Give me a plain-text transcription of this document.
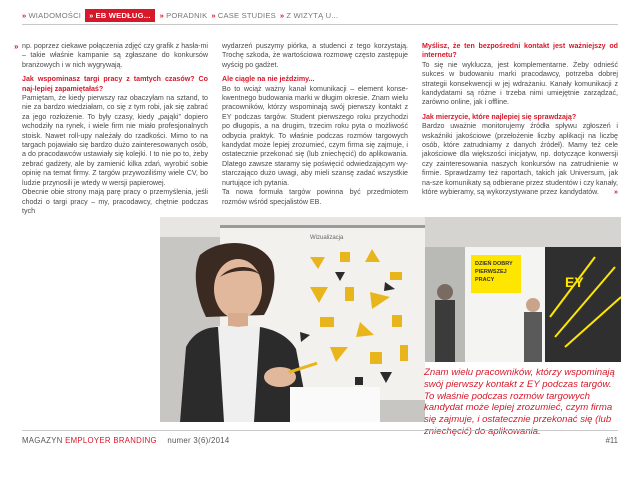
» WIADOMOŚCI » EB WEDŁUG... » PORADNIK » CASE STUDIES » Z WIZYTĄ U...
» np. poprzez ciekawe połączenia zdjęć czy grafik z hasła-mi – takie właśnie kampanie są zgłaszane do konkursów branżowych i w nich wygrywają.

Jak wspominasz targi pracy z tamtych czasów? Co naj-lepiej zapamiętałaś?

Pamiętam, że kiedy pierwszy raz obaczyłam na sztand, to nie za bardzo wiedziałam, co się z tym robi, jak się zabrać za jego rozłożenie. To były czasy, kiedy „pająki” dopiero wchodziły na rynek, i wiele firm nie miało profesjonalnych stoisk. Nawet roll-upy należały do rzadkości. Mimo to na targach pojawiało się bardzo dużo zainteresowanych osób, a do pracodawców ustawiały się kolejki. I to nie po to, żeby zebrać gadżety, ale by zamienić kilka zdań, wyrobić sobie opinię na temat firmy. Z targów przywoziliśmy wiele CV, bo ludzie przynosili je wtedy w wersji papierowej.

Obecnie obie strony mają parę pracy o przemyślenia, jeśli chodzi o targi pracy – my, pracodawcy, chętnie podczas tych

wydarzeń puszymy piórka, a studenci z tego korzystają. Trochę szkoda, że wartościowa rozmowę często zastępuje wyścig po gadżet.

Ale ciągle na nie jeździmy...

Bo to wciąż ważny kanał komunikacji – element konse-kwentnego budowania marki w długim okresie. Znam wielu pracowników, którzy wspominają swój pierwszy kontakt z EY podczas targów. Student pierwszego roku przychodzi po długopis, a na drugim, trzecim roku pyta o możliwość odbycia praktyk. To właśnie podczas rozmów targowych kandydat może lepiej zrozumieć, czym firma się zajmuje, i ostatecznie przekonać się (lub zniechęcić) do aplikowania. Dlatego zawsze staramy się poświęcić odwiedzającym wy-starczająco dużo uwagi, aby mieli szansę zadać wszystkie nurtujące ich pytania.

Ta nowa formuła targów powinna być przedmiotem rozmów wśród specjalistów EB.

Myślisz, że ten bezpośredni kontakt jest ważniejszy od internetu?

To się nie wyklucza, jest komplementarne. Żeby odnieść sukces w budowaniu marki pracodawcy, potrzeba dobrej strategii konsekwencji w jej wdrażaniu. Kanały komunikacji z kandydatami są różne i trzeba nimi umiejętnie zarządzać, zarówno online, jak i offline.

Jak mierzycie, które najlepiej się sprawdzają?

Bardzo uważnie monitorujemy źródła spływu zgłoszeń i wskaźniki jakościowe (przełożenie liczby aplikacji na liczbę osób, które zatrudniamy z danych źródeł). Mamy też cele jakościowe dla większości inicjatyw, np. dotyczące konwersji czy zainteresowania naszych konkursów na zatrudnienie w firmie. Sprawdzamy też raportach, takich jak Universum, jak na-sze komunikaty są odbierane przez studentów i czy kanały, które wybieramy, są wykorzystywane przez kandydatów. »

Wizualizacja
DZIEŃ DOBRY
PIERWSZEJ
PRACY	EY
Znam wielu pracowników, którzy wspominają swój pierwszy kontakt z EY podczas targów. To właśnie podczas rozmów targowych kandydat może lepiej zrozumieć, czym firma się zajmuje, i ostatecznie przekonać się (lub zniechęcić) do aplikowania.
MAGAZYN EMPLOYER BRANDING numer 3(6)/2014	#11
